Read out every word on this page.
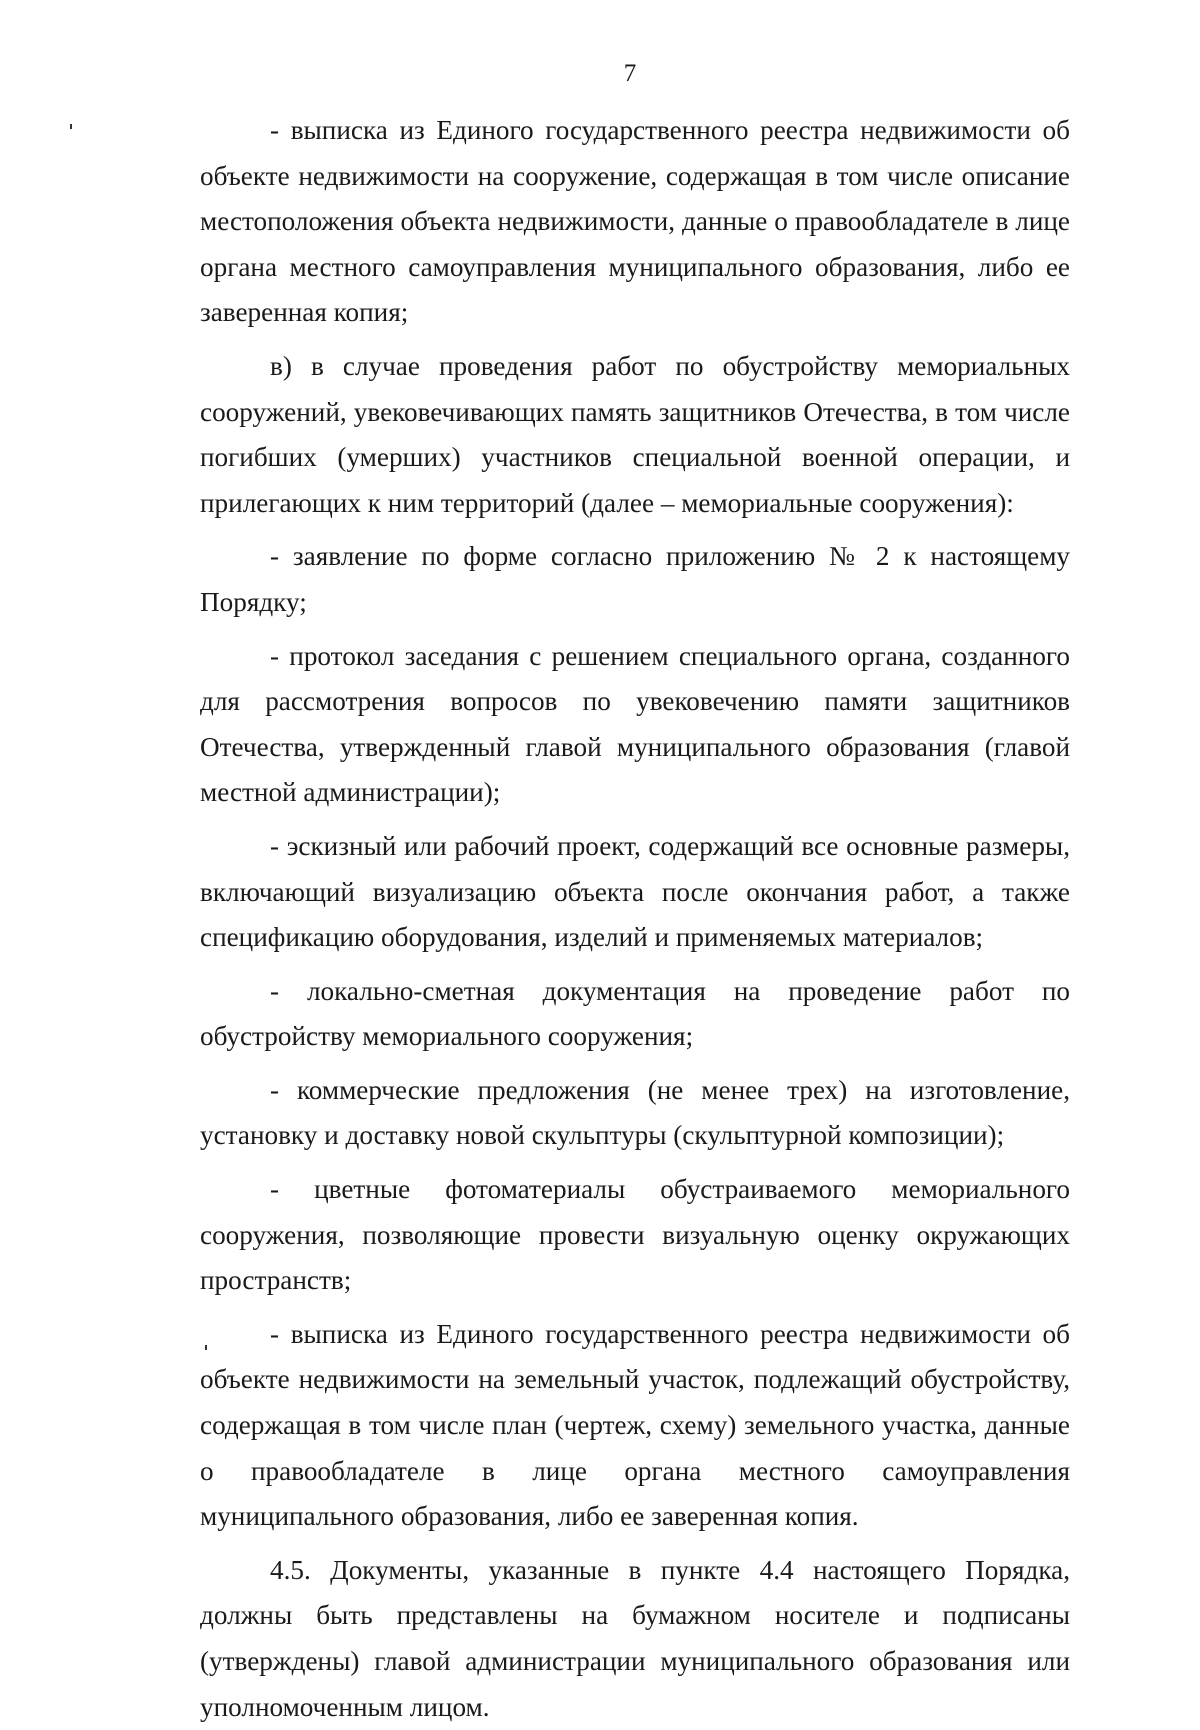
7

- выписка из Единого государственного реестра недвижимости об объекте недвижимости на сооружение, содержащая в том числе описание местоположения объекта недвижимости, данные о правообладателе в лице органа местного самоуправления муниципального образования, либо ее заверенная копия;

в) в случае проведения работ по обустройству мемориальных сооружений, увековечивающих память защитников Отечества, в том числе погибших (умерших) участников специальной военной операции, и прилегающих к ним территорий (далее – мемориальные сооружения):

- заявление по форме согласно приложению № 2 к настоящему Порядку;

- протокол заседания с решением специального органа, созданного для рассмотрения вопросов по увековечению памяти защитников Отечества, утвержденный главой муниципального образования (главой местной администрации);

- эскизный или рабочий проект, содержащий все основные размеры, включающий визуализацию объекта после окончания работ, а также спецификацию оборудования, изделий и применяемых материалов;

- локально-сметная документация на проведение работ по обустройству мемориального сооружения;

- коммерческие предложения (не менее трех) на изготовление, установку и доставку новой скульптуры (скульптурной композиции);

- цветные фотоматериалы обустраиваемого мемориального сооружения, позволяющие провести визуальную оценку окружающих пространств;

- выписка из Единого государственного реестра недвижимости об объекте недвижимости на земельный участок, подлежащий обустройству, содержащая в том числе план (чертеж, схему) земельного участка, данные о правообладателе в лице органа местного самоуправления муниципального образования, либо ее заверенная копия.

4.5. Документы, указанные в пункте 4.4 настоящего Порядка, должны быть представлены на бумажном носителе и подписаны (утверждены) главой администрации муниципального образования или уполномоченным лицом.
